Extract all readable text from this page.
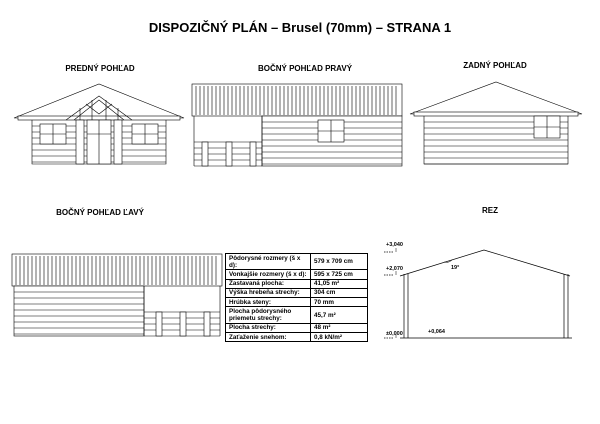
DISPOZIČNÝ PLÁN – Brusel (70mm) – STRANA 1
PREDNÝ POHĽAD	BOČNÝ POHĽAD PRAVÝ	ZADNÝ POHĽAD
BOČNÝ POHĽAD ĽAVÝ	REZ
Pôdorysné rozmery (š x d):	579 x 709 cm
Vonkajšie rozmery (š x d):	595 x 725 cm
Zastavaná plocha:	41,05 m²
Výška hrebeňa strechy:	304 cm
Hrúbka steny:	70 mm
Plocha pôdorysného priemetu strechy:	45,7 m²
Plocha strechy:	48 m²
Zaťaženie snehom:	0,8 kN/m²
+3,040
+2,070
±0,000	+0,064
19°
